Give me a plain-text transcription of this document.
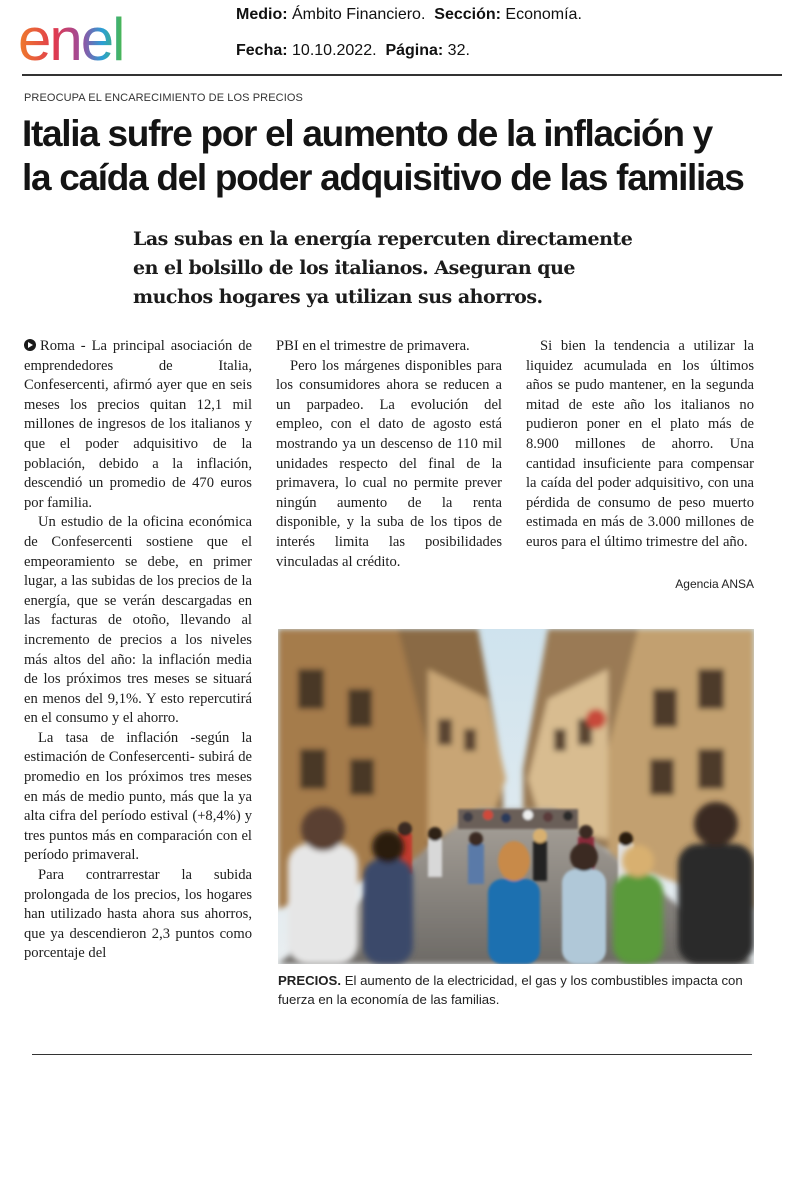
enel	Medio: Ámbito Financiero. Sección: Economía.
Fecha: 10.10.2022. Página: 32.
PREOCUPA EL ENCARECIMIENTO DE LOS PRECIOS
Italia sufre por el aumento de la inflación y
la caída del poder adquisitivo de las familias
Las subas en la energía repercuten directamente
en el bolsillo de los italianos. Aseguran que
muchos hogares ya utilizan sus ahorros.

Roma - La principal asociación de emprendedores de Italia, Confesercenti, afirmó ayer que en seis meses los precios quitan 12,1 mil millones de ingresos de los italianos y que el poder adquisitivo de la población, debido a la inflación, descendió un promedio de 470 euros por familia.

Un estudio de la oficina económica de Confesercenti sostiene que el empeoramiento se debe, en primer lugar, a las subidas de los precios de la energía, que se verán descargadas en las facturas de otoño, llevando al incremento de precios a los niveles más altos del año: la inflación media de los próximos tres meses se situará en menos del 9,1%. Y esto repercutirá en el consumo y el ahorro.

La tasa de inflación -según la estimación de Confesercenti- subirá de promedio en los próximos tres meses en más de medio punto, más que la ya alta cifra del período estival (+8,4%) y tres puntos más en comparación con el período primaveral.

Para contrarrestar la subida prolongada de los precios, los hogares han utilizado hasta ahora sus ahorros, que ya descendieron 2,3 puntos como porcentaje del

PBI en el trimestre de primavera.

Pero los márgenes disponibles para los consumidores ahora se reducen a un parpadeo. La evolución del empleo, con el dato de agosto está mostrando ya un descenso de 110 mil unidades respecto del final de la primavera, lo cual no permite prever ningún aumento de la renta disponible, y la suba de los tipos de interés limita las posibilidades vinculadas al crédito.

Si bien la tendencia a utilizar la liquidez acumulada en los últimos años se pudo mantener, en la segunda mitad de este año los italianos no pudieron poner en el plato más de 8.900 millones de ahorro. Una cantidad insuficiente para compensar la caída del poder adquisitivo, con una pérdida de consumo de peso muerto estimada en más de 3.000 millones de euros para el último trimestre del año.

Agencia ANSA
PRECIOS. El aumento de la electricidad, el gas y los combustibles impacta con fuerza en la economía de las familias.
